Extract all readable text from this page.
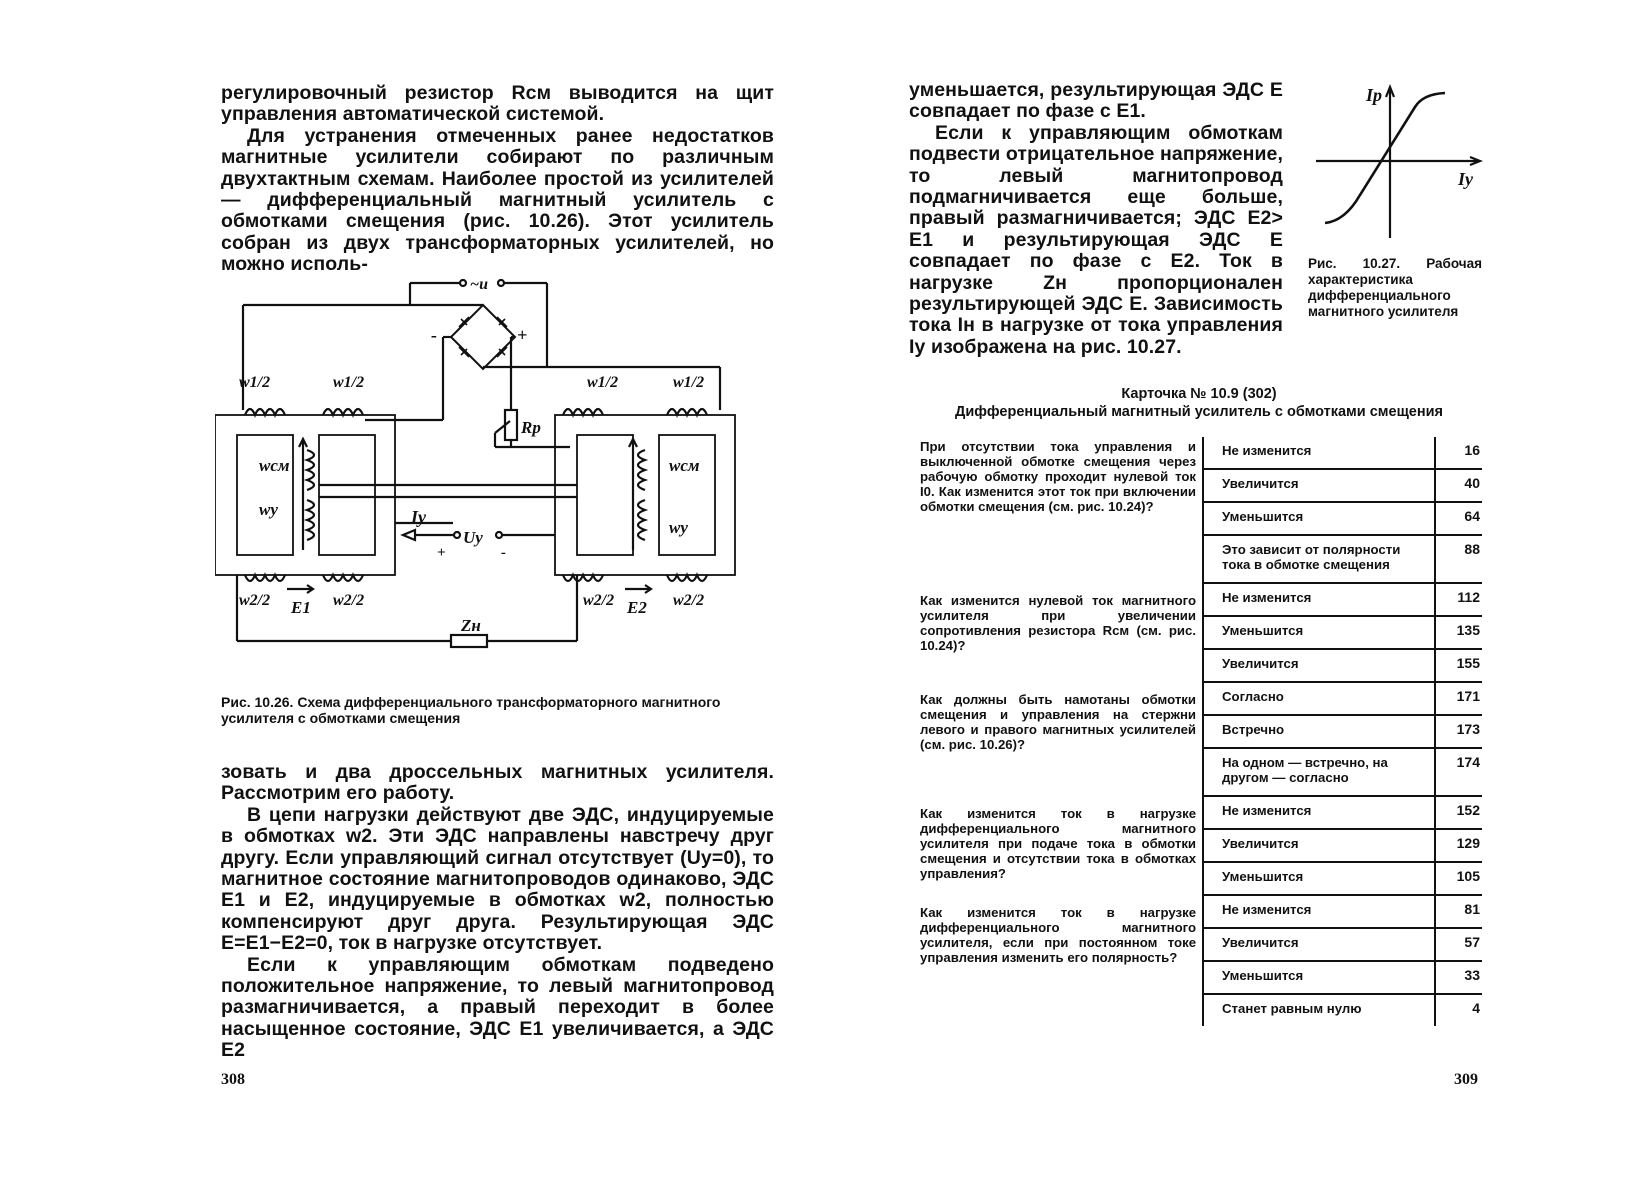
регулировочный резистор Rсм выводится на щит управления автоматической системой.

Для устранения отмеченных ранее недостатков магнитные усилители собирают по различным двухтактным схемам. Наиболее простой из усилителей — дифференциальный магнитный усилитель с обмотками смещения (рис. 10.26). Этот усилитель собран из двух трансформаторных усилителей, но можно исполь-

~u
-	+
Rр
Iу
Uу
+	-
w1/2	w1/2	w1/2	w1/2
wсм
wу
wсм
wу
w2/2	w2/2	w2/2	w2/2
E1	E2
Zн

Рис. 10.26. Схема дифференциального трансформаторного магнитного усилителя с обмотками смещения

зовать и два дроссельных магнитных усилителя. Рассмотрим его работу.

В цепи нагрузки действуют две ЭДС, индуцируемые в обмотках w2. Эти ЭДС направлены навстречу друг другу. Если управляющий сигнал отсутствует (Uу=0), то магнитное состояние магнитопроводов одинаково, ЭДС E1 и E2, индуцируемые в обмотках w2, полностью компенсируют друг друга. Результирующая ЭДС E=E1−E2=0, ток в нагрузке отсутствует.

Если к управляющим обмоткам подведено положительное напряжение, то левый магнитопровод размагничивается, а правый переходит в более насыщенное состояние, ЭДС E1 увеличивается, а ЭДС E2

308

уменьшается, результирующая ЭДС E совпадает по фазе с E1.

Если к управляющим обмоткам подвести отрицательное напряжение, то левый магнитопровод подмагничивается еще больше, правый размагничивается; ЭДС E2> E1 и результирующая ЭДС E совпадает по фазе с E2. Ток в нагрузке Zн пропорционален результирующей ЭДС E. Зависимость тока Iн в нагрузке от тока управления Iу изображена на рис. 10.27.

Iр
Iу

Рис. 10.27. Рабочая характеристика дифференциального магнитного усилителя

Карточка № 10.9 (302)
Дифференциальный магнитный усилитель с обмотками смещения
При отсутствии тока управления и выключенной обмотке смещения через рабочую обмотку проходит нулевой ток I0. Как изменится этот ток при включении обмотки смещения (см. рис. 10.24)?	Не изменится	16
	Увеличится	40
	Уменьшится	64
	Это зависит от полярности тока в обмотке смещения	88
Как изменится нулевой ток магнитного усилителя при увеличении сопротивления резистора Rсм (см. рис. 10.24)?	Не изменится	112
	Уменьшится	135
	Увеличится	155
Как должны быть намотаны обмотки смещения и управления на стержни левого и правого магнитных усилителей (см. рис. 10.26)?	Согласно	171
	Встречно	173
	На одном — встречно, на другом — согласно	174
Как изменится ток в нагрузке дифференциального магнитного усилителя при подаче тока в обмотки смещения и отсутствии тока в обмотках управления?	Не изменится	152
	Увеличится	129
	Уменьшится	105
Как изменится ток в нагрузке дифференциального магнитного усилителя, если при постоянном токе управления изменить его полярность?	Не изменится	81
	Увеличится	57
	Уменьшится	33
	Станет равным нулю	4
309
